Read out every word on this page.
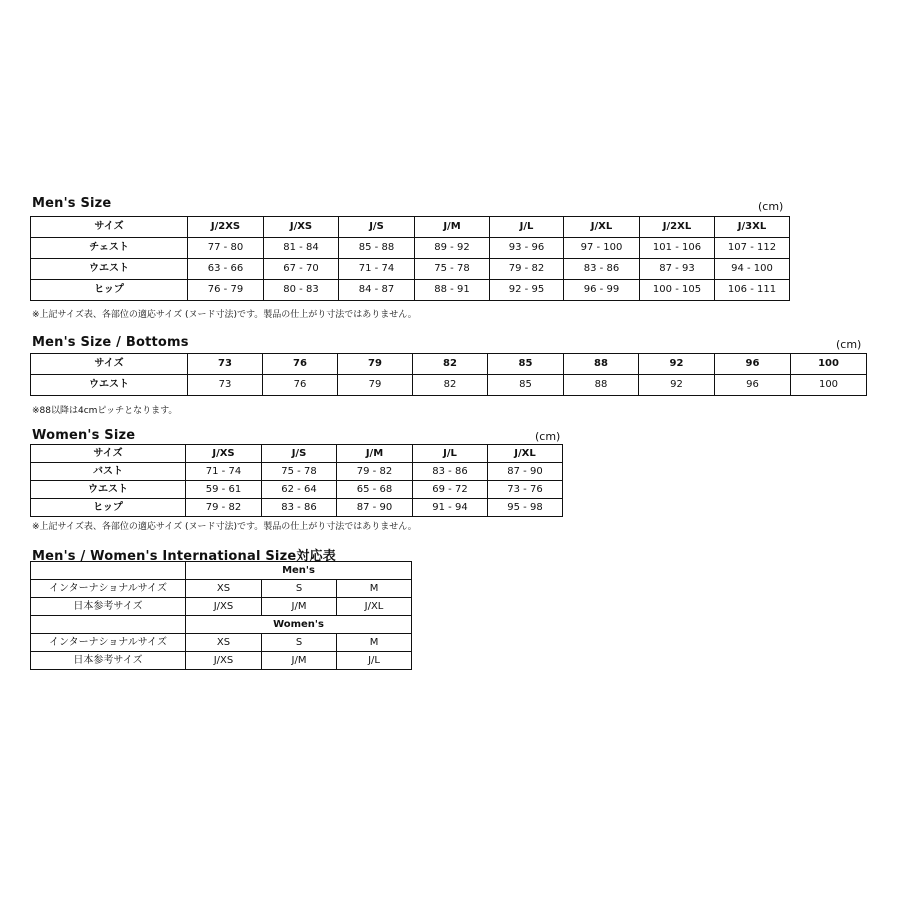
Men's Size	(cm)
サイズ	J/2XS	J/XS	J/S	J/M	J/L	J/XL	J/2XL	J/3XL
チェスト	77 - 80	81 - 84	85 - 88	89 - 92	93 - 96	97 - 100	101 - 106	107 - 112
ウエスト	63 - 66	67 - 70	71 - 74	75 - 78	79 - 82	83 - 86	87 - 93	94 - 100
ヒップ	76 - 79	80 - 83	84 - 87	88 - 91	92 - 95	96 - 99	100 - 105	106 - 111
※上記サイズ表、各部位の適応サイズ (ヌード寸法)です。製品の仕上がり寸法ではありません。
Men's Size / Bottoms	(cm)
サイズ	73	76	79	82	85	88	92	96	100
ウエスト	73	76	79	82	85	88	92	96	100
※88以降は4cmピッチとなります。
Women's Size	(cm)
サイズ	J/XS	J/S	J/M	J/L	J/XL
バスト	71 - 74	75 - 78	79 - 82	83 - 86	87 - 90
ウエスト	59 - 61	62 - 64	65 - 68	69 - 72	73 - 76
ヒップ	79 - 82	83 - 86	87 - 90	91 - 94	95 - 98
※上記サイズ表、各部位の適応サイズ (ヌード寸法)です。製品の仕上がり寸法ではありません。
Men's / Women's International Size対応表
	Men's		
インターナショナルサイズ	XS	S	M
日本参考サイズ	J/XS	J/M	J/XL
	Women's		
インターナショナルサイズ	XS	S	M
日本参考サイズ	J/XS	J/M	J/L
